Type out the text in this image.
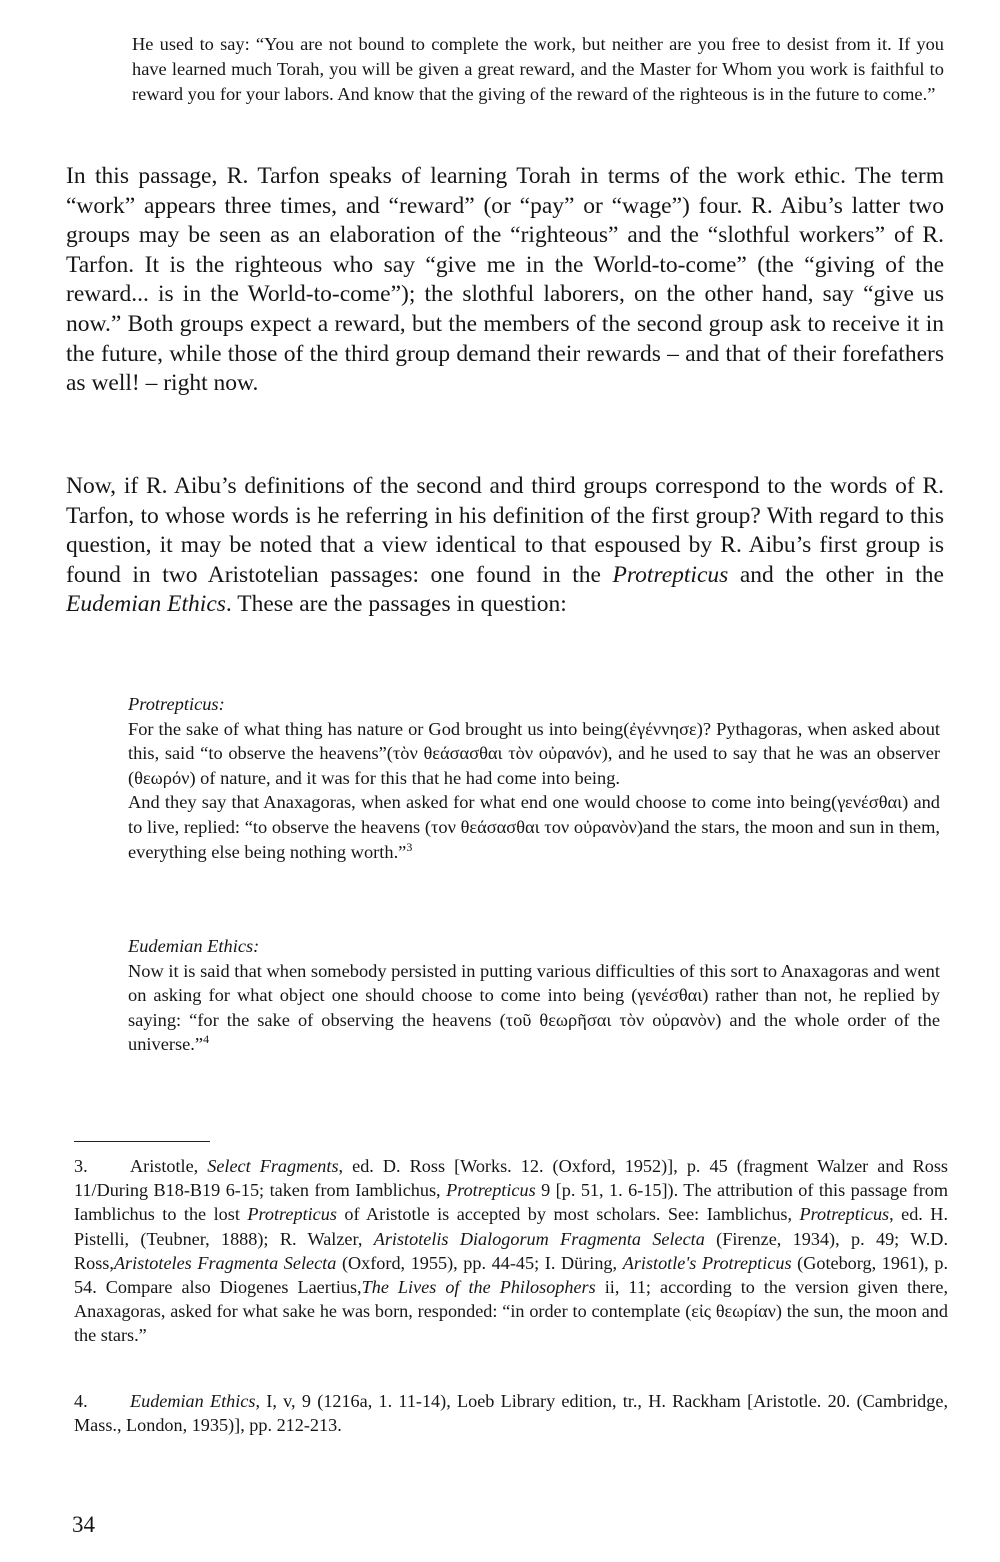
He used to say: “You are not bound to complete the work, but neither are you free to desist from it. If you have learned much Torah, you will be given a great reward, and the Master for Whom you work is faithful to reward you for your labors. And know that the giving of the reward of the righteous is in the future to come.”

In this passage, R. Tarfon speaks of learning Torah in terms of the work ethic. The term “work” appears three times, and “reward” (or “pay” or “wage”) four. R. Aibu’s latter two groups may be seen as an elaboration of the “righteous” and the “slothful workers” of R. Tarfon. It is the righteous who say “give me in the World-to-come” (the “giving of the reward... is in the World-to-come”); the slothful laborers, on the other hand, say “give us now.” Both groups expect a reward, but the members of the second group ask to receive it in the future, while those of the third group demand their rewards – and that of their forefathers as well! – right now.

Now, if R. Aibu’s definitions of the second and third groups correspond to the words of R. Tarfon, to whose words is he referring in his definition of the first group? With regard to this question, it may be noted that a view identical to that espoused by R. Aibu’s first group is found in two Aristotelian passages: one found in the Protrepticus and the other in the Eudemian Ethics. These are the passages in question:

Protrepticus:
For the sake of what thing has nature or God brought us into being(ἐγέννησε)? Pythagoras, when asked about this, said “to observe the heavens”(τὸν θεάσασθαι τὸν οὐρανόν), and he used to say that he was an observer (θεωρόν) of nature, and it was for this that he had come into being.
And they say that Anaxagoras, when asked for what end one would choose to come into being(γενέσθαι) and to live, replied: “to observe the heavens (τον θεάσασθαι τον οὐρανὸν)and the stars, the moon and sun in them, everything else being nothing worth.”$^3$
Eudemian Ethics:
Now it is said that when somebody persisted in putting various difficulties of this sort to Anaxagoras and went on asking for what object one should choose to come into being (γενέσθαι) rather than not, he replied by saying: “for the sake of observing the heavens (τοῦ θεωρῆσαι τὸν οὐρανὸν) and the whole order of the universe.”$^4$

3. Aristotle, Select Fragments, ed. D. Ross [Works. 12. (Oxford, 1952)], p. 45 (fragment Walzer and Ross 11/During B18-B19 6-15; taken from Iamblichus, Protrepticus 9 [p. 51, 1. 6-15]). The attribution of this passage from Iamblichus to the lost Protrepticus of Aristotle is accepted by most scholars. See: Iamblichus, Protrepticus, ed. H. Pistelli, (Teubner, 1888); R. Walzer, Aristotelis Dialogorum Fragmenta Selecta (Firenze, 1934), p. 49; W.D. Ross,Aristoteles Fragmenta Selecta (Oxford, 1955), pp. 44-45; I. Düring, Aristotle's Protrepticus (Goteborg, 1961), p. 54. Compare also Diogenes Laertius,The Lives of the Philosophers ii, 11; according to the version given there, Anaxagoras, asked for what sake he was born, responded: “in order to contemplate (εἰς θεωρίαν) the sun, the moon and the stars.”

4. Eudemian Ethics, I, v, 9 (1216a, 1. 11-14), Loeb Library edition, tr., H. Rackham [Aristotle. 20. (Cambridge, Mass., London, 1935)], pp. 212-213.

34
